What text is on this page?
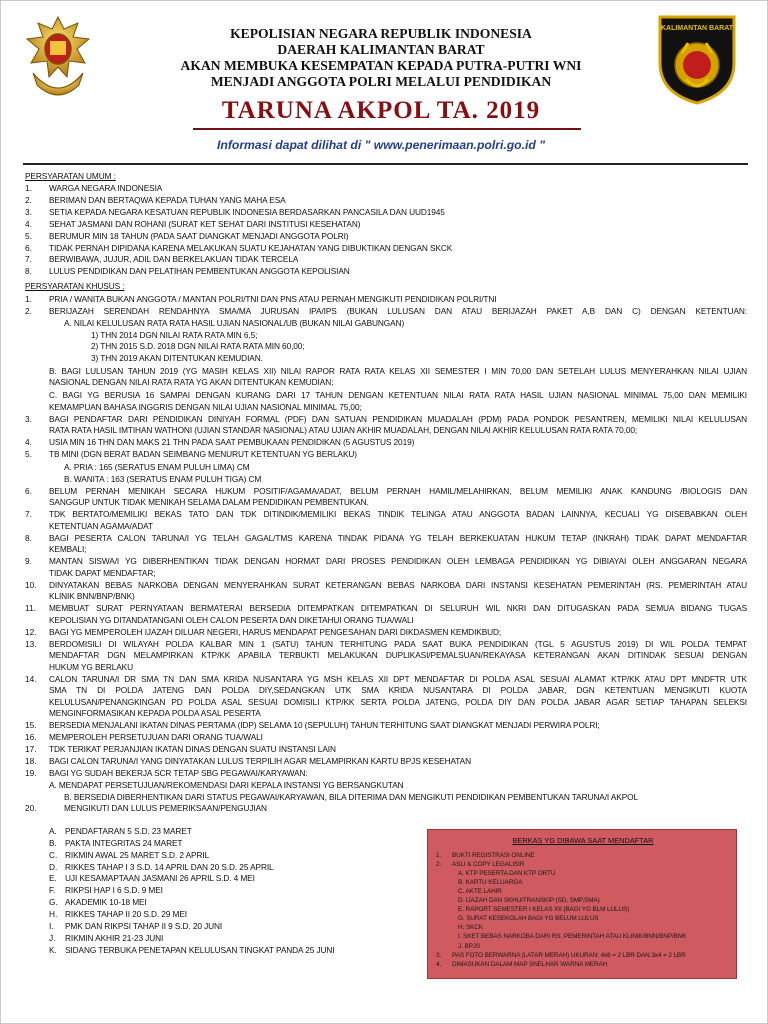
KALIMANTAN BARAT
KEPOLISIAN NEGARA REPUBLIK INDONESIA
DAERAH KALIMANTAN BARAT
AKAN MEMBUKA KESEMPATAN KEPADA PUTRA-PUTRI WNI
MENJADI ANGGOTA POLRI MELALUI PENDIDIKAN
TARUNA AKPOL TA. 2019
Informasi dapat dilihat di " www.penerimaan.polri.go.id "
PERSYARATAN UMUM :
1. WARGA NEGARA INDONESIA
2. BERIMAN DAN BERTAQWA KEPADA TUHAN YANG MAHA ESA
3. SETIA KEPADA NEGARA KESATUAN REPUBLIK INDONESIA BERDASARKAN PANCASILA DAN UUD1945
4. SEHAT JASMANI DAN ROHANI (SURAT KET SEHAT DARI INSTITUSI KESEHATAN)
5. BERUMUR MIN 18 TAHUN (PADA SAAT DIANGKAT MENJADI ANGGOTA POLRI)
6. TIDAK PERNAH DIPIDANA KARENA MELAKUKAN SUATU KEJAHATAN YANG DIBUKTIKAN DENGAN SKCK
7. BERWIBAWA, JUJUR, ADIL DAN BERKELAKUAN TIDAK TERCELA
8. LULUS PENDIDIKAN DAN PELATIHAN PEMBENTUKAN ANGGOTA KEPOLISIAN
PERSYARATAN KHUSUS :
1. PRIA / WANITA BUKAN ANGGOTA / MANTAN POLRI/TNI DAN PNS ATAU PERNAH MENGIKUTI PENDIDIKAN POLRI/TNI
2. BERIJAZAH SERENDAH RENDAHNYA SMA/MA JURUSAN IPA/IPS (BUKAN LULUSAN DAN ATAU BERIJAZAH PAKET A,B DAN C) DENGAN KETENTUAN:
A. NILAI KELULUSAN RATA RATA HASIL UJIAN NASIONAL/UB (BUKAN NILAI GABUNGAN)
1) THN 2014 DGN NILAI RATA RATA MIN 6,5;
2) THN 2015 S.D. 2018 DGN NILAI RATA RATA MIN 60,00;
3) THN 2019 AKAN DITENTUKAN KEMUDIAN.
B. BAGI LULUSAN TAHUN 2019 (YG MASIH KELAS XII) NILAI RAPOR RATA RATA KELAS XII SEMESTER I MIN 70,00 DAN SETELAH LULUS MENYERAHKAN NILAI UJIAN
NASIONAL DENGAN NILAI RATA RATA YG AKAN DITENTUKAN KEMUDIAN;
C. BAGI YG BERUSIA 16 SAMPAI DENGAN KURANG DARI 17 TAHUN DENGAN KETENTUAN NILAI RATA RATA HASIL UJIAN NASIONAL MINIMAL 75,00 DAN MEMILIKI
KEMAMPUAN BAHASA INGGRIS DENGAN NILAI UJIAN NASIONAL MINIMAL 75,00;
3. BAGI PENDAFTAR DARI PENDIDIKAN DINIYAH FORMAL (PDF) DAN SATUAN PENDIDIKAN MUADALAH (PDM) PADA PONDOK PESANTREN, MEMILIKI NILAI KELULUSAN
RATA RATA HASIL IMTIHAN WATHONI (UJIAN STANDAR NASIONAL) ATAU UJIAN AKHIR MUADALAH, DENGAN NILAI AKHIR KELULUSAN RATA RATA 70,00;
4. USIA MIN 16 THN DAN MAKS 21 THN PADA SAAT PEMBUKAAN PENDIDIKAN (5 AGUSTUS 2019)
5. TB MINI (DGN BERAT BADAN SEIMBANG MENURUT KETENTUAN YG BERLAKU)
A. PRIA : 165 (SERATUS ENAM PULUH LIMA) CM
B. WANITA : 163 (SERATUS ENAM PULUH TIGA) CM
6. BELUM PERNAH MENIKAH SECARA HUKUM POSITIF/AGAMA/ADAT, BELUM PERNAH HAMIL/MELAHIRKAN, BELUM MEMILIKI ANAK KANDUNG /BIOLOGIS DAN
SANGGUP UNTUK TIDAK MENIKAH SELAMA DALAM PENDIDIKAN PEMBENTUKAN.
7. TDK BERTATO/MEMILIKI BEKAS TATO DAN TDK DITINDIK/MEMILIKI BEKAS TINDIK TELINGA ATAU ANGGOTA BADAN LAINNYA, KECUALI YG DISEBABKAN OLEH
KETENTUAN AGAMA/ADAT
8. BAGI PESERTA CALON TARUNA/I YG TELAH GAGAL/TMS KARENA TINDAK PIDANA YG TELAH BERKEKUATAN HUKUM TETAP (INKRAH) TIDAK DAPAT MENDAFTAR
KEMBALI;
9. MANTAN SISWA/I YG DIBERHENTIKAN TIDAK DENGAN HORMAT DARI PROSES PENDIDIKAN OLEH LEMBAGA PENDIDIKAN YG DIBIAYAI OLEH ANGGARAN NEGARA
TIDAK DAPAT MENDAFTAR;
10. DINYATAKAN BEBAS NARKOBA DENGAN MENYERAHKAN SURAT KETERANGAN BEBAS NARKOBA DARI INSTANSI KESEHATAN PEMERINTAH (RS. PEMERINTAH ATAU
KLINIK BNN/BNP/BNK)
11. MEMBUAT SURAT PERNYATAAN BERMATERAI BERSEDIA DITEMPATKAN DITEMPATKAN DI SELURUH WIL NKRI DAN DITUGASKAN PADA SEMUA BIDANG TUGAS
KEPOLISIAN YG DITANDATANGANI OLEH CALON PESERTA DAN DIKETAHUI ORANG TUA/WALI
12. BAGI YG MEMPEROLEH IJAZAH DILUAR NEGERI, HARUS MENDAPAT PENGESAHAN DARI DIKDASMEN KEMDIKBUD;
13. BERDOMISILI DI WILAYAH POLDA KALBAR MIN 1 (SATU) TAHUN TERHITUNG PADA SAAT BUKA PENDIDIKAN (TGL 5 AGUSTUS 2019) DI WIL POLDA TEMPAT
MENDAFTAR DGN MELAMPIRKAN KTP/KK APABILA TERBUKTI MELAKUKAN DUPLIKASI/PEMALSUAN/REKAYASA KETERANGAN AKAN DITINDAK SESUAI DENGAN
HUKUM YG BERLAKU
14. CALON TARUNA/I DR SMA TN DAN SMA KRIDA NUSANTARA YG MSH KELAS XII DPT MENDAFTAR DI POLDA ASAL SESUAI ALAMAT KTP/KK ATAU DPT MNDFTR UTK
SMA TN DI POLDA JATENG DAN POLDA DIY,SEDANGKAN UTK SMA KRIDA NUSANTARA DI POLDA JABAR, DGN KETENTUAN MENGIKUTI KUOTA
KELULUSAN/PENANGKINGAN PD POLDA ASAL SESUAI DOMISILI KTP/KK SERTA POLDA JATENG, POLDA DIY DAN POLDA JABAR AGAR SETIAP TAHAPAN SELEKSI
MENGINFORMASIKAN KEPADA POLDA ASAL PESERTA
15. BERSEDIA MENJALANI IKATAN DINAS PERTAMA (IDP) SELAMA 10 (SEPULUH) TAHUN TERHITUNG SAAT DIANGKAT MENJADI PERWIRA POLRI;
16. MEMPEROLEH PERSETUJUAN DARI ORANG TUA/WALI
17. TDK TERIKAT PERJANJIAN IKATAN DINAS DENGAN SUATU INSTANSI LAIN
18. BAGI CALON TARUNA/I YANG DINYATAKAN LULUS TERPILIH AGAR MELAMPIRKAN KARTU BPJS KESEHATAN
19. BAGI YG SUDAH BEKERJA SCR TETAP SBG PEGAWAI/KARYAWAN:
A. MENDAPAT PERSETUJUAN/REKOMENDASI DARI KEPALA INSTANSI YG BERSANGKUTAN
B. BERSEDIA DIBERHENTIKAN DARI STATUS PEGAWAI/KARYAWAN, BILA DITERIMA DAN MENGIKUTI PENDIDIKAN PEMBENTUKAN TARUNA/I AKPOL
20.	MENGIKUTI DAN LULUS PEMERIKSAAN/PENGUJIAN
A. PENDAFTARAN 5 S.D. 23 MARET
B. PAKTA INTEGRITAS 24 MARET
C. RIKMIN AWAL 25 MARET S.D. 2 APRIL
D. RIKKES TAHAP I 3 S.D. 14 APRIL DAN 20 S.D. 25 APRIL
E. UJI KESAMAPTAAN JASMANI 26 APRIL S.D. 4 MEI
F. RIKPSI HAP I 6 S.D. 9 MEI
G. AKADEMIK 10-18 MEI
H. RIKKES TAHAP II 20 S.D. 29 MEI
I. PMK DAN RIKPSI TAHAP II 9 S.D. 20 JUNI
J. RIKMIN AKHIR 21-23 JUNI
K. SIDANG TERBUKA PENETAPAN KELULUSAN TINGKAT PANDA 25 JUNI
BERKAS YG DIBAWA SAAT MENDAFTAR
1. BUKTI REGISTRASI ONLINE
2. ASLI & COPY LEGALISIR
A. KTP PESERTA DAN KTP ORTU
B. KARTU KELUARGA
C. AKTE LAHIR
D. IJAZAH DAN SKHU/TRANSKIP (SD, SMP,SMA)
E. RAPORT SEMESTER I KELAS XII (BAGI YG BLM LULUS)
G. SURAT KESEKOLAH BAGI YG BELUM LULUS
H. SKCK
I. SKET BEBAS NARKOBA DARI RS. PEMERINTAH ATAU KLINIK/BNN/BNP/BNK
J. BPJS
3. PAS FOTO BERWARNA (LATAR MERAH) UKURAN: 4x6 = 2 LBR DAN 3x4 = 2 LBR
4. DIMASUKAN DALAM MAP SNELHAR WARNA MERAH
